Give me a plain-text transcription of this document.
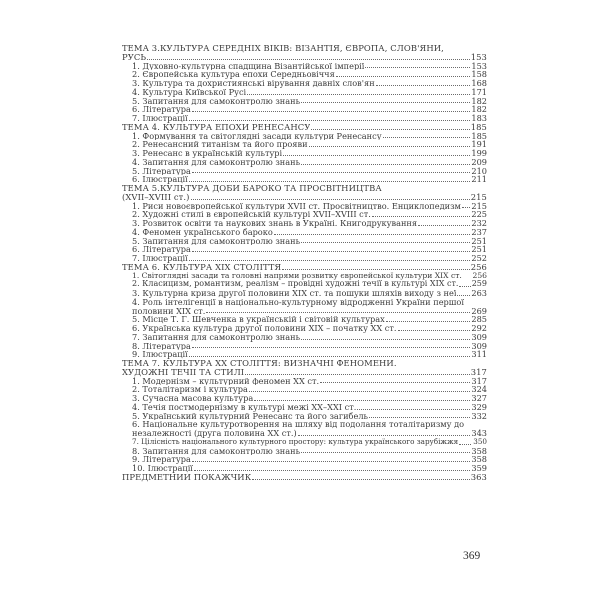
ТЕМА 3.КУЛЬТУРА СЕРЕДНІХ ВІКІВ: ВІЗАНТІЯ, ЄВРОПА, СЛОВ'ЯНИ,
РУСЬ	153
1. Духовно-культурна спадщина Візантійської імперії	153
2. Європейська культура епохи Середньовіччя	158
3. Культура та дохристиянські вірування давніх слов'ян	168
4. Культура Київської Русі	171
5. Запитання для самоконтролю знань	182
6. Література	182
7. Ілюстрації	183
ТЕМА 4. КУЛЬТУРА ЕПОХИ РЕНЕСАНСУ	185
1. Формування та світоглядні засади культури Ренесансу	185
2. Ренесансний титанізм та його прояви	191
3. Ренесанс в українській культурі	199
4. Запитання для самоконтролю знань	209
5. Література	210
6. Ілюстрації	211
ТЕМА 5.КУЛЬТУРА ДОБИ БАРОКО ТА ПРОСВІТНИЦТВА
(XVII–XVIII ст.)	215
1. Риси новоєвропейської культури XVII ст. Просвітництво. Енциклопедизм 215
2. Художні стилі в європейській культурі XVII–XVIII ст.	225
3. Розвиток освіти та наукових знань в Україні. Книгодрукування	232
4. Феномен українського бароко	237
5. Запитання для самоконтролю знань	251
6. Література	251
7. Ілюстрації	252
ТЕМА 6. КУЛЬТУРА ХІХ СТОЛІТТЯ	256
1. Світоглядні засади та головні напрями розвитку європейської культури ХІХ ст. 256
2. Класицизм, романтизм, реалізм – провідні художні течії в культурі ХІХ ст. 259
3. Культурна криза другої половини ХІХ ст. та пошуки шляхів виходу з неї 263
4. Роль інтелігенції в національно-культурному відродженні України першої
половини ХІХ ст.	269
5. Місце Т. Г. Шевченка в українській і світовій культурах	285
6. Українська культура другої половини ХІХ – початку ХХ ст.	292
7. Запитання для самоконтролю знань	309
8. Література	309
9. Ілюстрації	311
ТЕМА 7. КУЛЬТУРА ХХ СТОЛІТТЯ: ВИЗНАЧНІ ФЕНОМЕНИ.
ХУДОЖНІ ТЕЧІЇ ТА СТИЛІ	317
1. Модернізм – культурний феномен ХХ ст.	317
2. Тоталітаризм і культура	324
3. Сучасна масова культура	327
4. Течія постмодернізму в культурі межі ХХ–ХХІ ст.	329
5. Український культурний Ренесанс та його загибель	332
6. Національне культуротворення на шляху від подолання тоталітаризму до
незалежності (друга половина ХХ ст.)	343
7. Цілісність національного культурного простору: культура українського зарубіжжя 350
8. Запитання для самоконтролю знань	358
9. Література	358
10. Ілюстрації	359
ПРЕДМЕТНИЙ ПОКАЖЧИК	363
369
